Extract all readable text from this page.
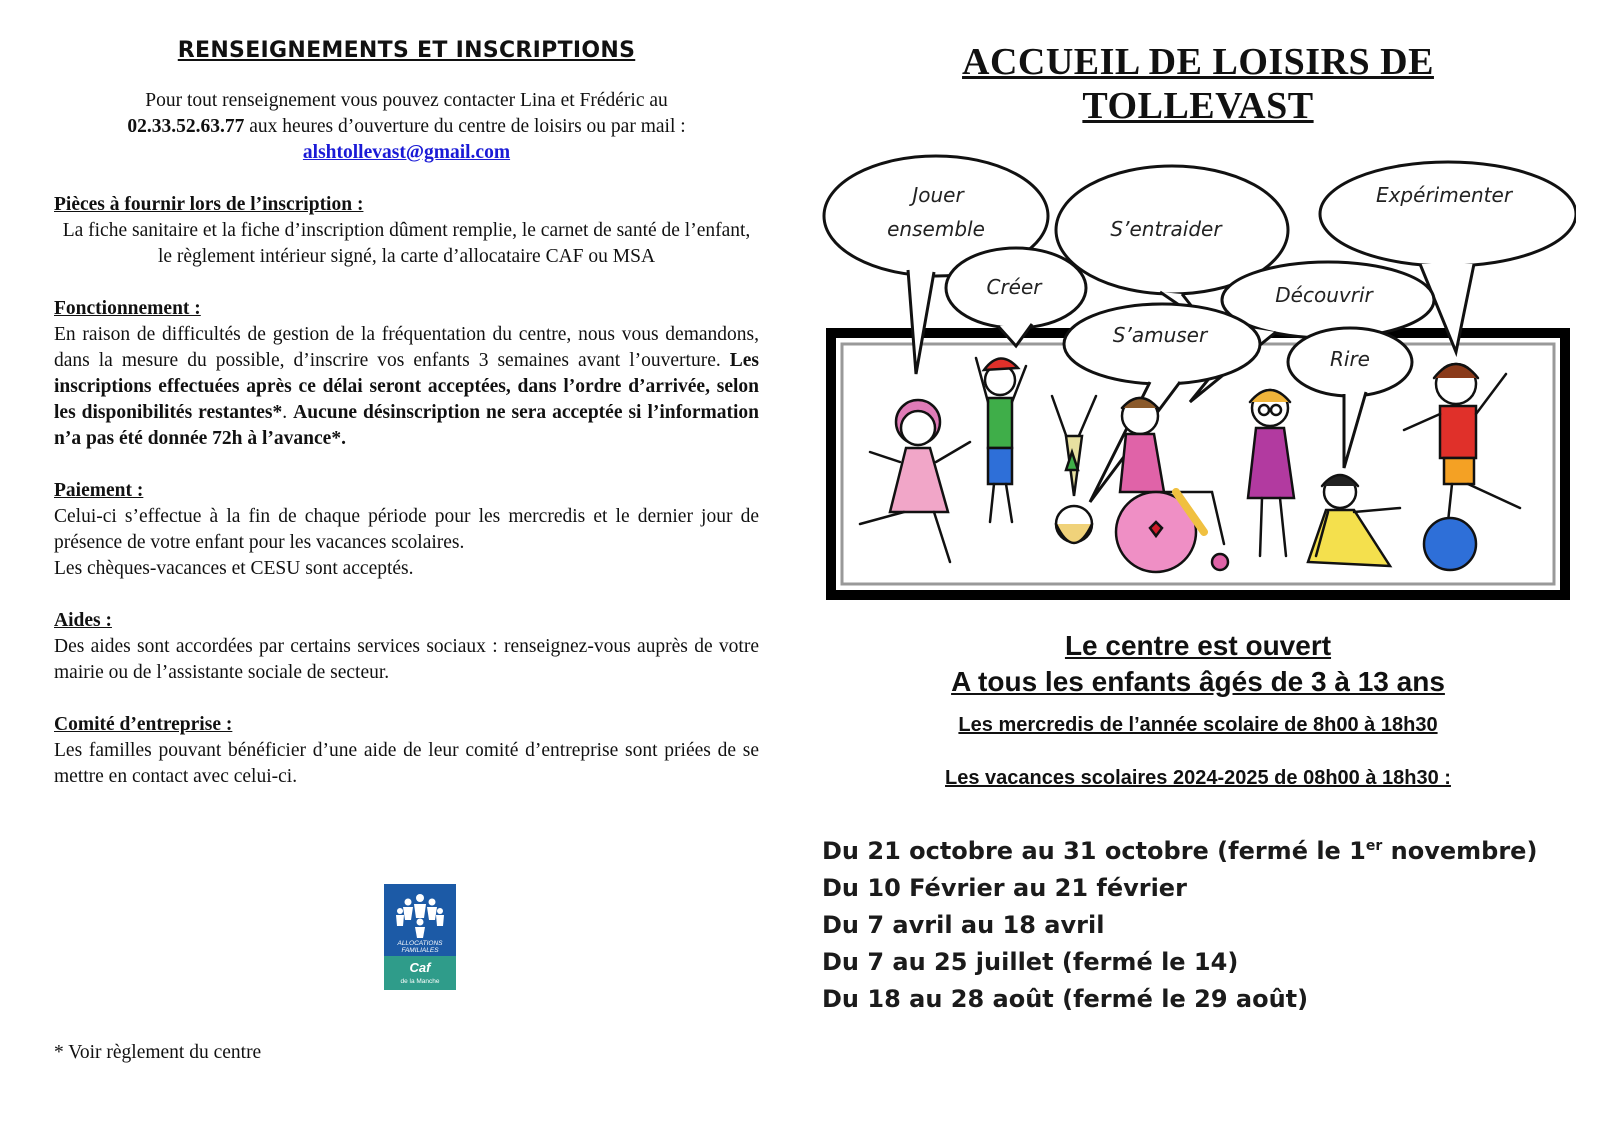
RENSEIGNEMENTS ET INSCRIPTIONS

Pour tout renseignement vous pouvez contacter Lina et Frédéric au
02.33.52.63.77 aux heures d’ouverture du centre de loisirs ou par mail :
alshtollevast@gmail.com

Pièces à fournir lors de l’inscription :

La fiche sanitaire et la fiche d’inscription dûment remplie, le carnet de santé de l’enfant, le règlement intérieur signé, la carte d’allocataire CAF ou MSA

Fonctionnement :

En raison de difficultés de gestion de la fréquentation du centre, nous vous demandons, dans la mesure du possible, d’inscrire vos enfants 3 semaines avant l’ouverture. Les inscriptions effectuées après ce délai seront acceptées, dans l’ordre d’arrivée, selon les disponibilités restantes*. Aucune désinscription ne sera acceptée si l’information n’a pas été donnée 72h à l’avance*.

Paiement :

Celui-ci s’effectue à la fin de chaque période pour les mercredis et le dernier jour de présence de votre enfant pour les vacances scolaires.

Les chèques-vacances et CESU sont acceptés.

Aides :

Des aides sont accordées par certains services sociaux : renseignez-vous auprès de votre mairie ou de l’assistante sociale de secteur.

Comité d’entreprise :

Les familles pouvant bénéficier d’une aide de leur comité d’entreprise sont priées de se mettre en contact avec celui-ci.

ALLOCATIONS
FAMILIALES
Caf
de la Manche
* Voir règlement du centre
ACCUEIL DE LOISIRS DE
TOLLEVAST
Jouer
ensemble	S’entraider
Expérimenter
Créer	Découvrir
S’amuser
Rire
Le centre est ouvert
A tous les enfants âgés de 3 à 13 ans
Les mercredis de l’année scolaire de 8h00 à 18h30
Les vacances scolaires 2024-2025 de 08h00 à 18h30 :
Du 21 octobre au 31 octobre (fermé le 1er novembre)
Du 10 Février au 21 février
Du 7 avril au 18 avril
Du 7 au 25 juillet (fermé le 14)
Du 18 au 28 août (fermé le 29 août)
